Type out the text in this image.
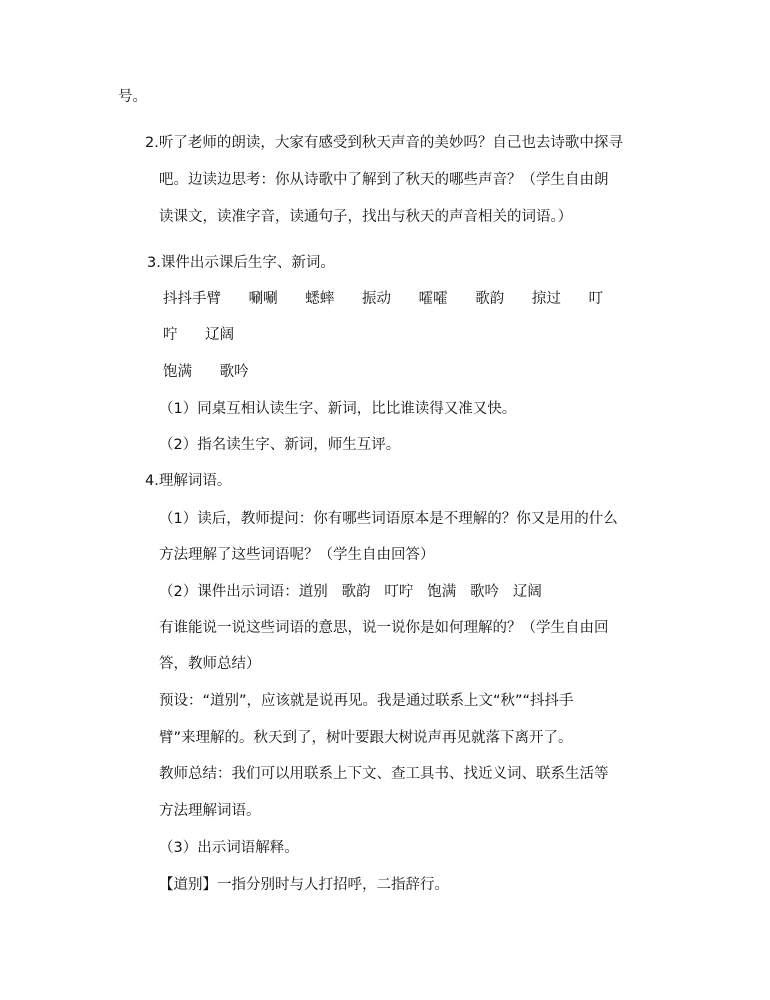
号。

2.听了老师的朗读，大家有感受到秋天声音的美妙吗？自己也去诗歌中探寻

吧。边读边思考：你从诗歌中了解到了秋天的哪些声音？（学生自由朗

读课文，读准字音，读通句子，找出与秋天的声音相关的词语。）

3.课件出示课后生字、新词。

抖抖手臂      唰唰      蟋蟀      振动      嚯嚯      歌韵      掠过      叮

咛      辽阔

饱满      歌吟

（1）同桌互相认读生字、新词，比比谁读得又准又快。

（2）指名读生字、新词，师生互评。

4.理解词语。

（1）读后，教师提问：你有哪些词语原本是不理解的？你又是用的什么

方法理解了这些词语呢？（学生自由回答）

（2）课件出示词语：道别   歌韵   叮咛   饱满   歌吟   辽阔

有谁能说一说这些词语的意思，说一说你是如何理解的？（学生自由回

答，教师总结）

预设：“道别”，应该就是说再见。我是通过联系上文“秋”“抖抖手

臂”来理解的。秋天到了，树叶要跟大树说声再见就落下离开了。

教师总结：我们可以用联系上下文、查工具书、找近义词、联系生活等

方法理解词语。

（3）出示词语解释。

【道别】一指分别时与人打招呼，二指辞行。
